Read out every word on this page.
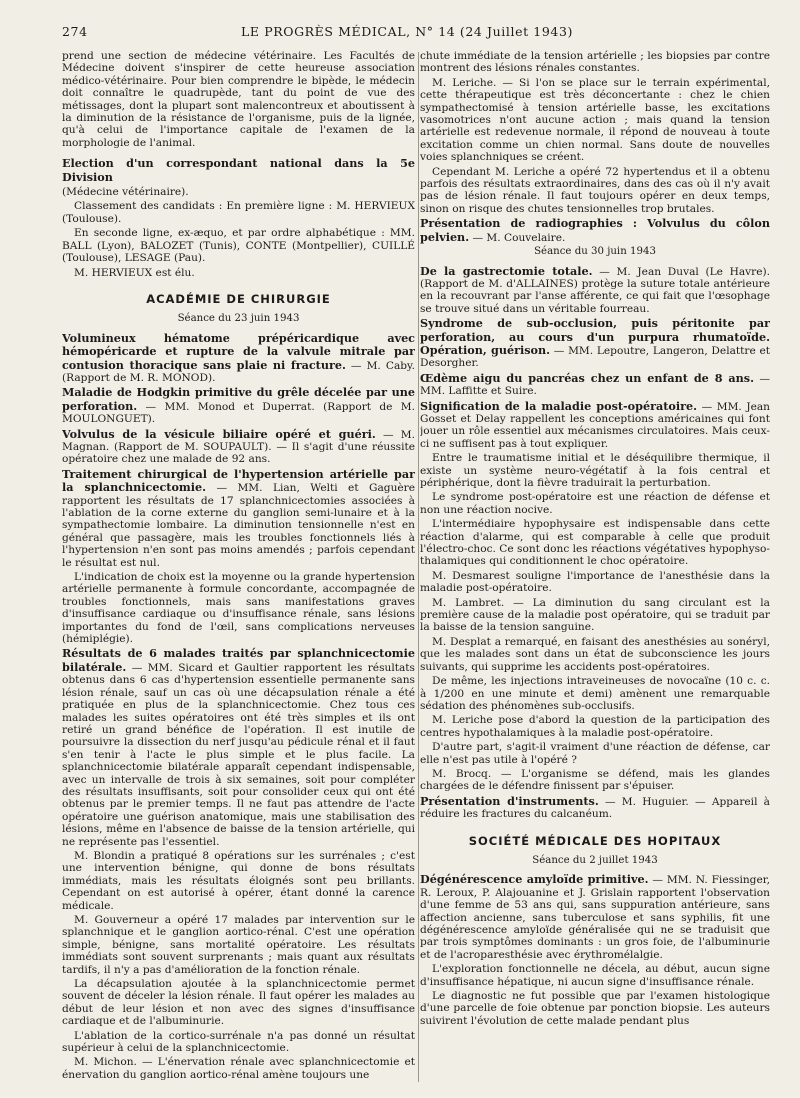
274	LE PROGRÈS MÉDICAL, N° 14 (24 Juillet 1943)

prend une section de médecine vétérinaire. Les Facultés de Médecine doivent s'inspirer de cette heureuse association médico-vétérinaire. Pour bien comprendre le bipède, le médecin doit connaître le quadrupède, tant du point de vue des métissages, dont la plupart sont malencontreux et aboutissent à la diminution de la résistance de l'organisme, puis de la lignée, qu'à celui de l'importance capitale de l'examen de la morphologie de l'animal.

Election d'un correspondant national dans la 5e Division

(Médecine vétérinaire).

Classement des candidats : En première ligne : M. HERVIEUX (Toulouse).

En seconde ligne, ex-æquo, et par ordre alphabétique : MM. BALL (Lyon), BALOZET (Tunis), CONTE (Montpellier), CUILLÉ (Toulouse), LESAGE (Pau).

M. HERVIEUX est élu.

ACADÉMIE DE CHIRURGIE

Séance du 23 juin 1943

Volumineux hématome prépéricardique avec hémopéricarde et rupture de la valvule mitrale par contusion thoracique sans plaie ni fracture. — M. Caby. (Rapport de M. R. MONOD).

Maladie de Hodgkin primitive du grêle décelée par une perforation. — MM. Monod et Duperrat. (Rapport de M. MOULONGUET).

Volvulus de la vésicule biliaire opéré et guéri. — M. Magnan. (Rapport de M. SOUPAULT). — Il s'agit d'une réussite opératoire chez une malade de 92 ans.

Traitement chirurgical de l'hypertension artérielle par la splanchnicectomie. — MM. Lian, Welti et Gaguère rapportent les résultats de 17 splanchnicectomies associées à l'ablation de la corne externe du ganglion semi-lunaire et à la sympathectomie lombaire. La diminution tensionnelle n'est en général que passagère, mais les troubles fonctionnels liés à l'hypertension n'en sont pas moins amendés ; parfois cependant le résultat est nul.

L'indication de choix est la moyenne ou la grande hypertension artérielle permanente à formule concordante, accompagnée de troubles fonctionnels, mais sans manifestations graves d'insuffisance cardiaque ou d'insuffisance rénale, sans lésions importantes du fond de l'œil, sans complications nerveuses (hémiplégie).

Résultats de 6 malades traités par splanchnicectomie bilatérale. — MM. Sicard et Gaultier rapportent les résultats obtenus dans 6 cas d'hypertension essentielle permanente sans lésion rénale, sauf un cas où une décapsulation rénale a été pratiquée en plus de la splanchnicectomie. Chez tous ces malades les suites opératoires ont été très simples et ils ont retiré un grand bénéfice de l'opération. Il est inutile de poursuivre la dissection du nerf jusqu'au pédicule rénal et il faut s'en tenir à l'acte le plus simple et le plus facile. La splanchnicectomie bilatérale apparaît cependant indispensable, avec un intervalle de trois à six semaines, soit pour compléter des résultats insuffisants, soit pour consolider ceux qui ont été obtenus par le premier temps. Il ne faut pas attendre de l'acte opératoire une guérison anatomique, mais une stabilisation des lésions, même en l'absence de baisse de la tension artérielle, qui ne représente pas l'essentiel.

M. Blondin a pratiqué 8 opérations sur les surrénales ; c'est une intervention bénigne, qui donne de bons résultats immédiats, mais les résultats éloignés sont peu brillants. Cependant on est autorisé à opérer, étant donné la carence médicale.

M. Gouverneur a opéré 17 malades par intervention sur le splanchnique et le ganglion aortico-rénal. C'est une opération simple, bénigne, sans mortalité opératoire. Les résultats immédiats sont souvent surprenants ; mais quant aux résultats tardifs, il n'y a pas d'amélioration de la fonction rénale.

La décapsulation ajoutée à la splanchnicectomie permet souvent de déceler la lésion rénale. Il faut opérer les malades au début de leur lésion et non avec des signes d'insuffisance cardiaque et de l'albuminurie.

L'ablation de la cortico-surrénale n'a pas donné un résultat supérieur à celui de la splanchnicectomie.

M. Michon. — L'énervation rénale avec splanchnicectomie et énervation du ganglion aortico-rénal amène toujours une

chute immédiate de la tension artérielle ; les biopsies par contre montrent des lésions rénales constantes.

M. Leriche. — Si l'on se place sur le terrain expérimental, cette thérapeutique est très déconcertante : chez le chien sympathectomisé à tension artérielle basse, les excitations vasomotrices n'ont aucune action ; mais quand la tension artérielle est redevenue normale, il répond de nouveau à toute excitation comme un chien normal. Sans doute de nouvelles voies splanchniques se créent.

Cependant M. Leriche a opéré 72 hypertendus et il a obtenu parfois des résultats extraordinaires, dans des cas où il n'y avait pas de lésion rénale. Il faut toujours opérer en deux temps, sinon on risque des chutes tensionnelles trop brutales.

Présentation de radiographies : Volvulus du côlon pelvien. — M. Couvelaire.

Séance du 30 juin 1943

De la gastrectomie totale. — M. Jean Duval (Le Havre). (Rapport de M. d'ALLAINES) protège la suture totale antérieure en la recouvrant par l'anse afférente, ce qui fait que l'œsophage se trouve situé dans un véritable fourreau.

Syndrome de sub-occlusion, puis péritonite par perforation, au cours d'un purpura rhumatoïde. Opération, guérison. — MM. Lepoutre, Langeron, Delattre et Desorgher.

Œdème aigu du pancréas chez un enfant de 8 ans. — MM. Laffitte et Suire.

Signification de la maladie post-opératoire. — MM. Jean Gosset et Delay rappellent les conceptions américaines qui font jouer un rôle essentiel aux mécanismes circulatoires. Mais ceux-ci ne suffisent pas à tout expliquer.

Entre le traumatisme initial et le déséquilibre thermique, il existe un système neuro-végétatif à la fois central et périphérique, dont la fièvre traduirait la perturbation.

Le syndrome post-opératoire est une réaction de défense et non une réaction nocive.

L'intermédiaire hypophysaire est indispensable dans cette réaction d'alarme, qui est comparable à celle que produit l'électro-choc. Ce sont donc les réactions végétatives hypophyso-thalamiques qui conditionnent le choc opératoire.

M. Desmarest souligne l'importance de l'anesthésie dans la maladie post-opératoire.

M. Lambret. — La diminution du sang circulant est la première cause de la maladie post opératoire, qui se traduit par la baisse de la tension sanguine.

M. Desplat a remarqué, en faisant des anesthésies au sonéryl, que les malades sont dans un état de subconscience les jours suivants, qui supprime les accidents post-opératoires.

De même, les injections intraveineuses de novocaïne (10 c. c. à 1/200 en une minute et demi) amènent une remarquable sédation des phénomènes sub-occlusifs.

M. Leriche pose d'abord la question de la participation des centres hypothalamiques à la maladie post-opératoire.

D'autre part, s'agit-il vraiment d'une réaction de défense, car elle n'est pas utile à l'opéré ?

M. Brocq. — L'organisme se défend, mais les glandes chargées de le défendre finissent par s'épuiser.

Présentation d'instruments. — M. Huguier. — Appareil à réduire les fractures du calcanéum.

SOCIÉTÉ MÉDICALE DES HOPITAUX

Séance du 2 juillet 1943

Dégénérescence amyloïde primitive. — MM. N. Fiessinger, R. Leroux, P. Alajouanine et J. Grislain rapportent l'observation d'une femme de 53 ans qui, sans suppuration antérieure, sans affection ancienne, sans tuberculose et sans syphilis, fit une dégénérescence amyloïde généralisée qui ne se traduisit que par trois symptômes dominants : un gros foie, de l'albuminurie et de l'acroparesthésie avec érythromélalgie.

L'exploration fonctionnelle ne décela, au début, aucun signe d'insuffisance hépatique, ni aucun signe d'insuffisance rénale.

Le diagnostic ne fut possible que par l'examen histologique d'une parcelle de foie obtenue par ponction biopsie. Les auteurs suivirent l'évolution de cette malade pendant plus
